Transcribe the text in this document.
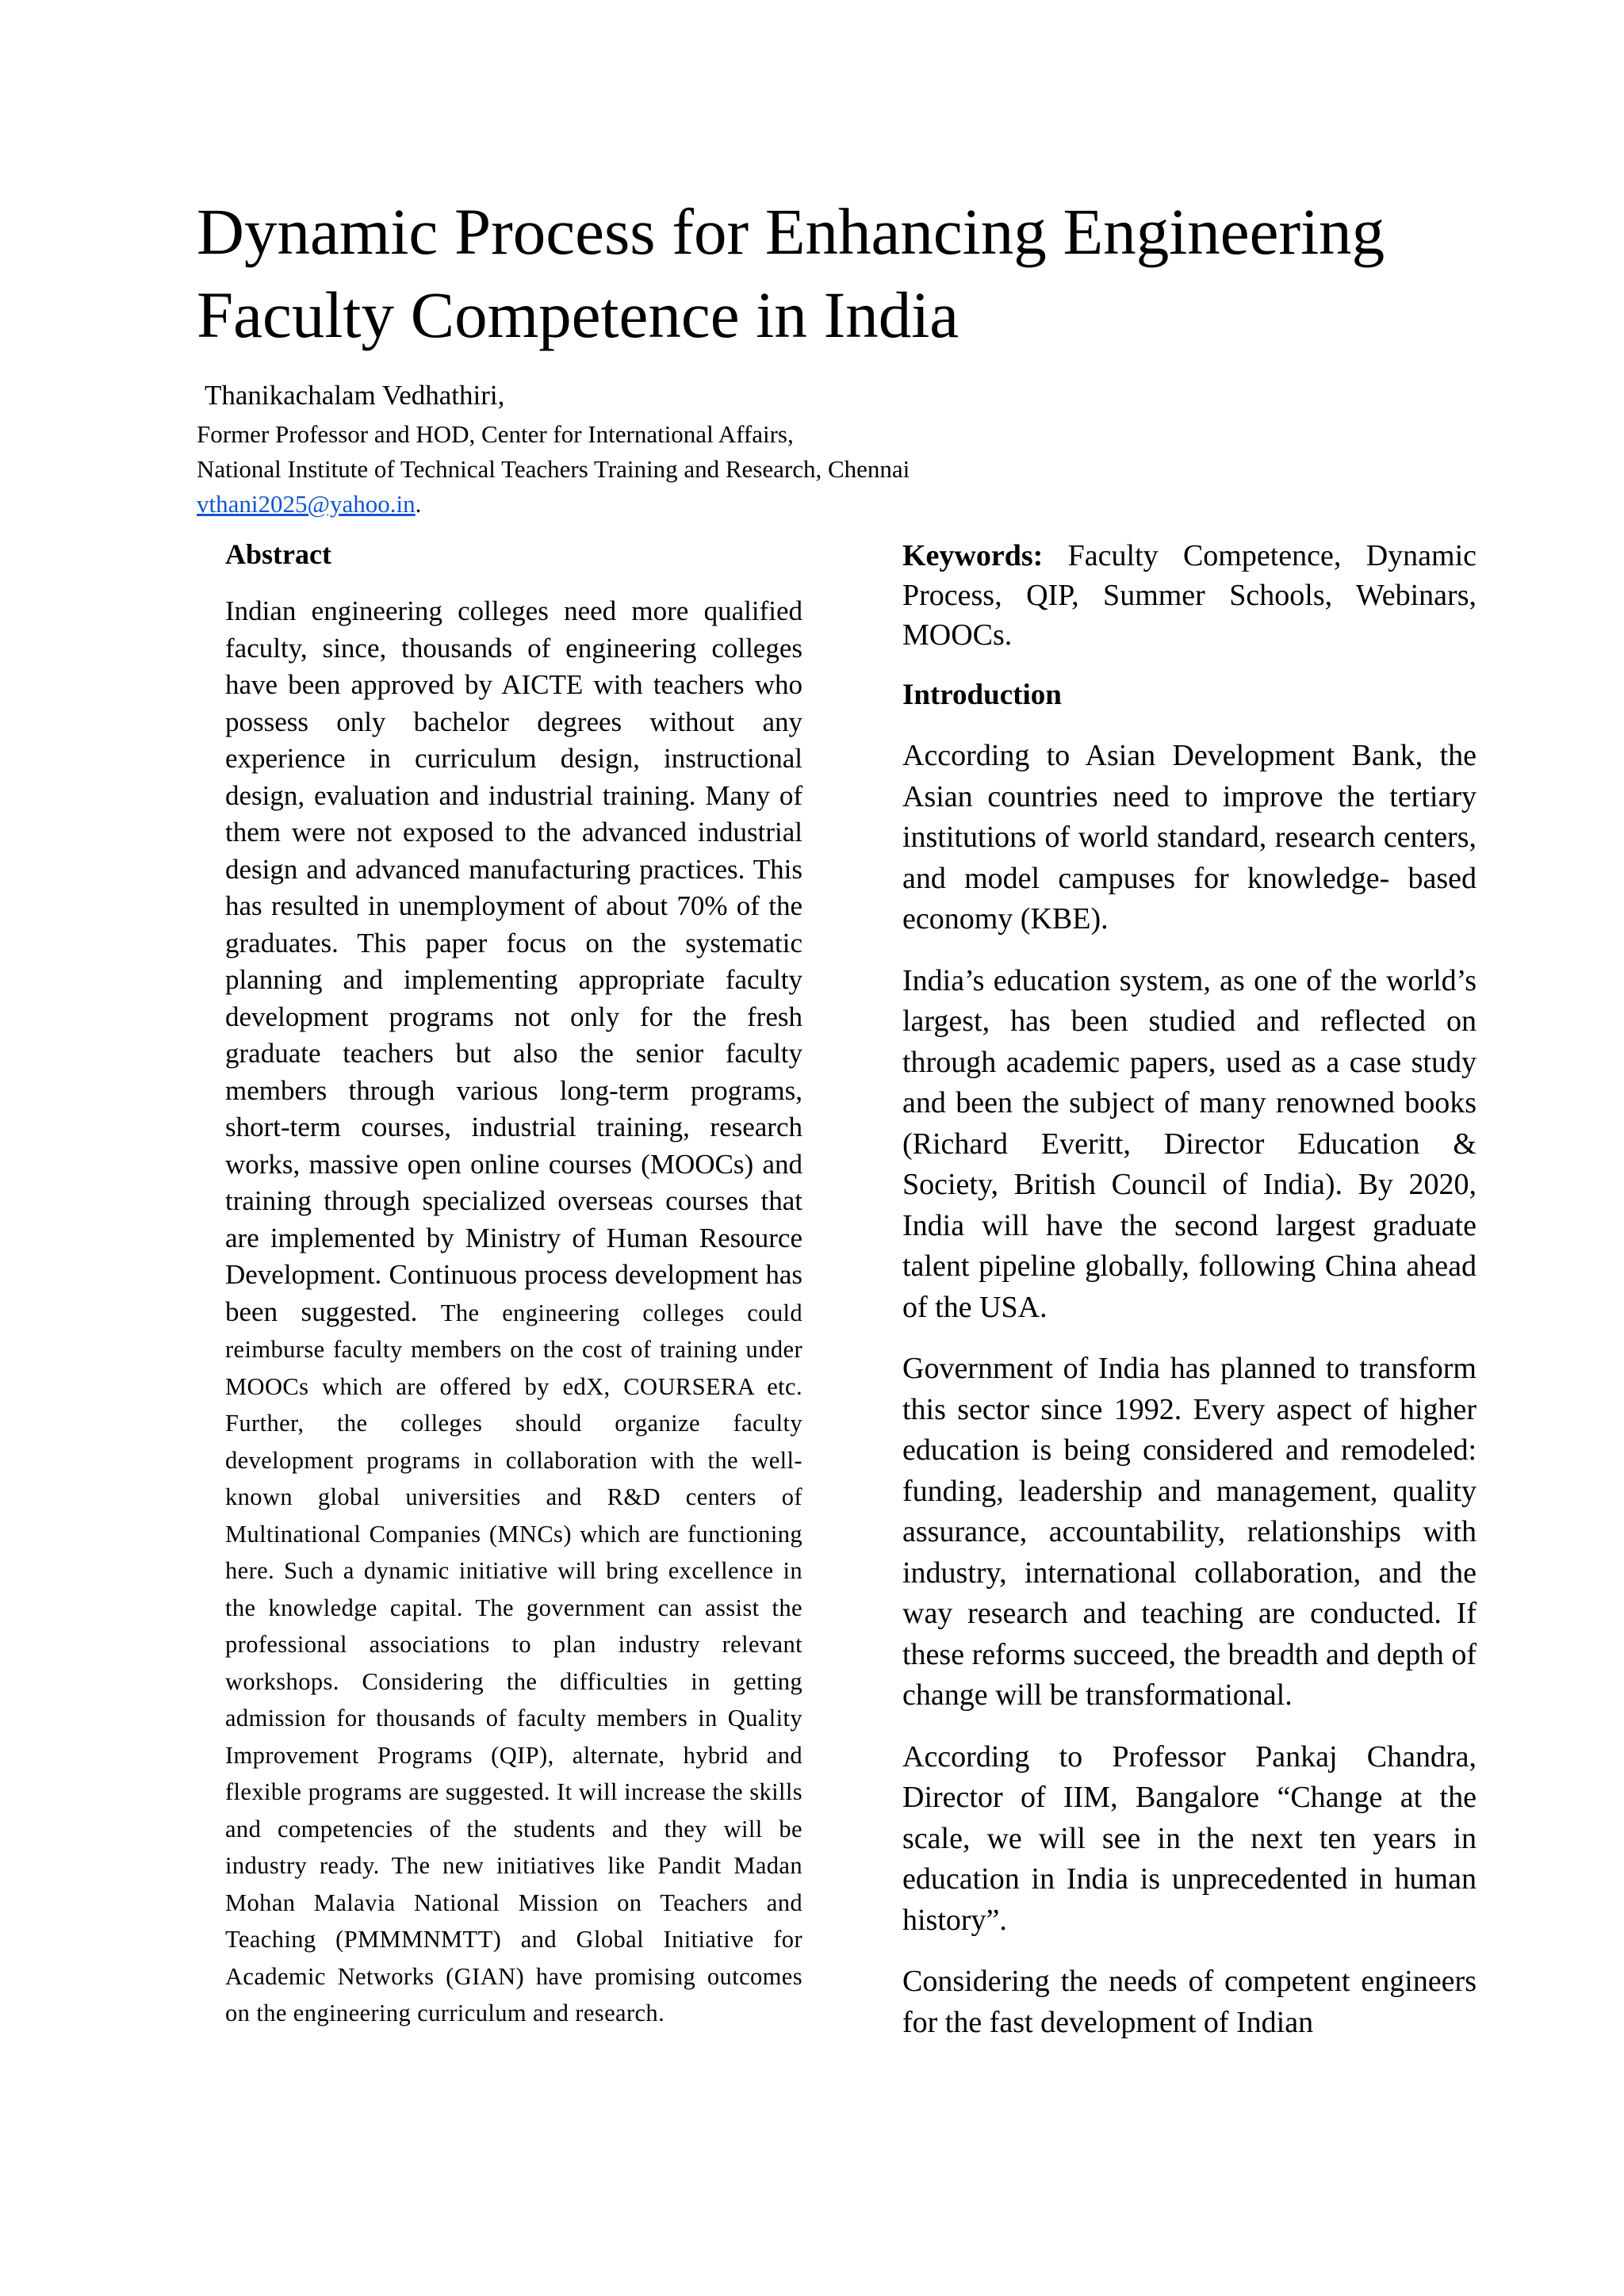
Dynamic Process for Enhancing Engineering Faculty Competence in India
Thanikachalam Vedhathiri,
Former Professor and HOD, Center for International Affairs,
National Institute of Technical Teachers Training and Research, Chennai
vthani2025@yahoo.in.

Abstract

Indian engineering colleges need more qualified faculty, since, thousands of engineering colleges have been approved by AICTE with teachers who possess only bachelor degrees without any experience in curriculum design, instructional design, evaluation and industrial training. Many of them were not exposed to the advanced industrial design and advanced manufacturing practices. This has resulted in unemployment of about 70% of the graduates. This paper focus on the systematic planning and implementing appropriate faculty development programs not only for the fresh graduate teachers but also the senior faculty members through various long-term programs, short-term courses, industrial training, research works, massive open online courses (MOOCs) and training through specialized overseas courses that are implemented by Ministry of Human Resource Development. Continuous process development has been suggested. The engineering colleges could reimburse faculty members on the cost of training under MOOCs which are offered by edX, COURSERA etc. Further, the colleges should organize faculty development programs in collaboration with the well-known global universities and R&D centers of Multinational Companies (MNCs) which are functioning here. Such a dynamic initiative will bring excellence in the knowledge capital. The government can assist the professional associations to plan industry relevant workshops. Considering the difficulties in getting admission for thousands of faculty members in Quality Improvement Programs (QIP), alternate, hybrid and flexible programs are suggested. It will increase the skills and competencies of the students and they will be industry ready. The new initiatives like Pandit Madan Mohan Malavia National Mission on Teachers and Teaching (PMMMNMTT) and Global Initiative for Academic Networks (GIAN) have promising outcomes on the engineering curriculum and research.

Keywords: Faculty Competence, Dynamic Process, QIP, Summer Schools, Webinars, MOOCs.

Introduction

According to Asian Development Bank, the Asian countries need to improve the tertiary institutions of world standard, research centers, and model campuses for knowledge- based economy (KBE).

India’s education system, as one of the world’s largest, has been studied and reflected on through academic papers, used as a case study and been the subject of many renowned books (Richard Everitt, Director Education & Society, British Council of India). By 2020, India will have the second largest graduate talent pipeline globally, following China ahead of the USA.

Government of India has planned to transform this sector since 1992. Every aspect of higher education is being considered and remodeled: funding, leadership and management, quality assurance, accountability, relationships with industry, international collaboration, and the way research and teaching are conducted. If these reforms succeed, the breadth and depth of change will be transformational.

According to Professor Pankaj Chandra, Director of IIM, Bangalore “Change at the scale, we will see in the next ten years in education in India is unprecedented in human history”.

Considering the needs of competent engineers for the fast development of Indian
